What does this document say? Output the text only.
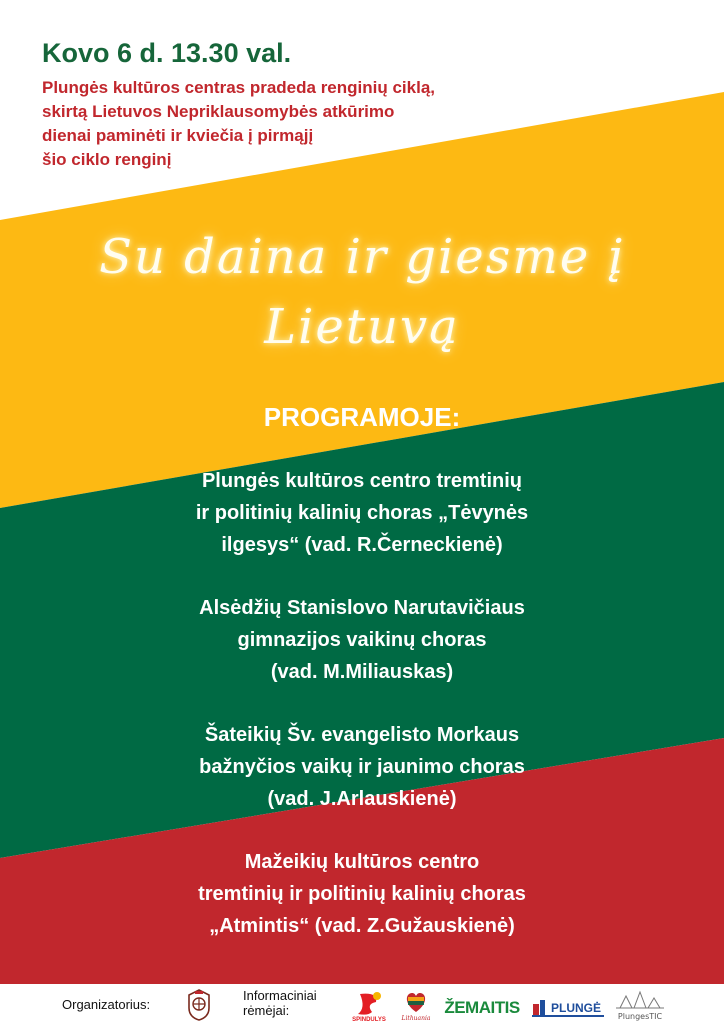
Kovo 6 d. 13.30 val.
Plungės kultūros centras pradeda renginių ciklą,
skirtą Lietuvos Nepriklausomybės atkūrimo
dienai paminėti ir kviečia į pirmąjį
šio ciklo renginį
Su daina ir giesme į
Lietuvą
PROGRAMOJE:
Plungės kultūros centro tremtinių
ir politinių kalinių choras „Tėvynės
ilgesys“ (vad. R.Černeckienė)
Alsėdžių Stanislovo Narutavičiaus
gimnazijos vaikinų choras
(vad. M.Miliauskas)
Šateikių Šv. evangelisto Morkaus
bažnyčios vaikų ir jaunimo choras
(vad. J.Arlauskienė)
Mažeikių kultūros centro
tremtinių ir politinių kalinių choras
„Atmintis“ (vad. Z.Gužauskienė)
Organizatorius:
Informaciniai
rėmėjai:
SPINDULYS	Lithuania
ŽEMAITIS	PLUNGĖ
PlungesTIC
